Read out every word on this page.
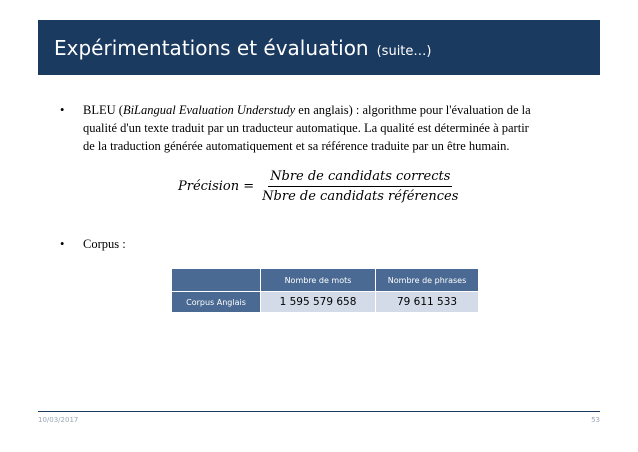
Expérimentations et évaluation (suite…)
• BLEU (BiLangual Evaluation Understudy en anglais) : algorithme pour l'évaluation de la
qualité d'un texte traduit par un traducteur automatique. La qualité est déterminée à partir
de la traduction générée automatiquement et sa référence traduite par un être humain.
Précision = $\frac{\text{Nbre de candidats corrects}}{\text{Nbre de candidats références}}$
• Corpus :
	Nombre de mots	Nombre de phrases
Corpus Anglais	1 595 579 658	79 611 533
10/03/2017	53
